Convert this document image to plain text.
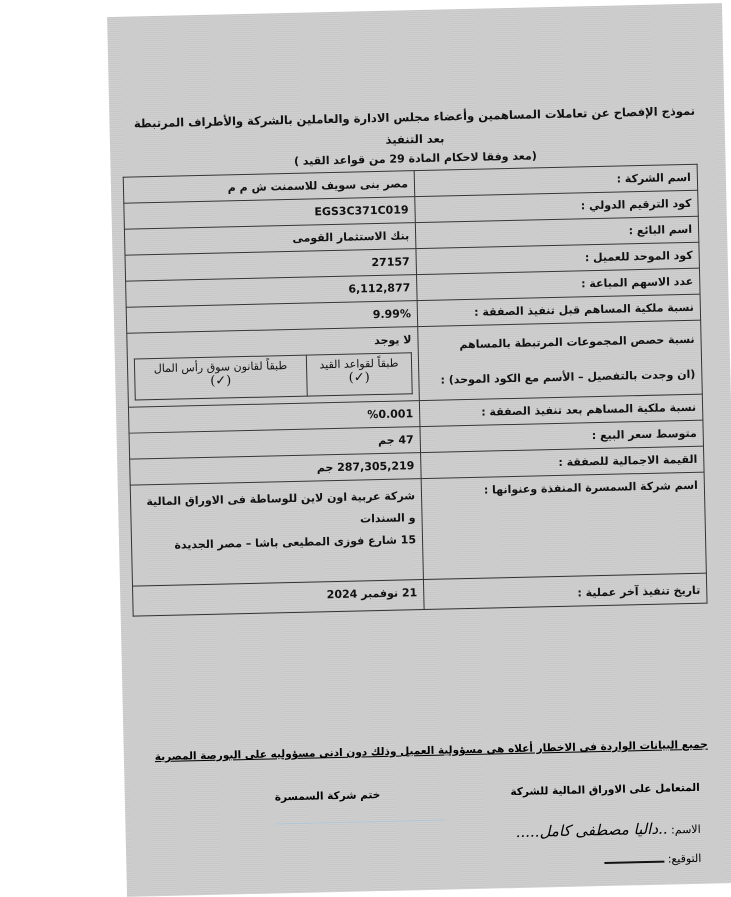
نموذج الإفصاح عن تعاملات المساهمين وأعضاء مجلس الادارة والعاملين بالشركة والأطراف المرتبطة بعد التنفيذ
(معد وفقا لاحكام المادة 29 من قواعد القيد )
اسم الشركة :	مصر بنى سويف للاسمنت ش م م
كود الترقيم الدولي :	EGS3C371C019
اسم البائع :	بنك الاستثمار القومى
كود الموحد للعميل :	27157
عدد الاسهم المباعة :	6,112,877
نسبة ملكية المساهم قبل تنفيذ الصفقة :	9.99%

نسبة حصص المجموعات المرتبطة بالمساهم
(ان وجدت بالتفصيل – الأسم مع الكود الموحد) :

لا يوجد
طبقاً لقواعد القيد
(✓)

طبقاً لقانون سوق رأس المال
(✓)

نسبة ملكية المساهم بعد تنفيذ الصفقة :	%0.001
متوسط سعر البيع :	47 جم
القيمة الاجمالية للصفقة :	287,305,219 جم
اسم شركة السمسرة المنفذة وعنوانها :	
شركة عربية اون لاين للوساطة فى الاوراق المالية و السندات
15 شارع فوزى المطيعى باشا – مصر الجديدة

تاريخ تنفيذ آخر عملية :	21 نوفمبر 2024
جميع البيانات الواردة فى الاخطار أعلاه هى مسؤولية العميل وذلك دون ادنى مسؤوليه على البورصة المصرية
المتعامل على الاوراق المالية للشركة
ختم شركة السمسرة
الاسم: ..داليا مصطفى كامل.....
التوقيع:
